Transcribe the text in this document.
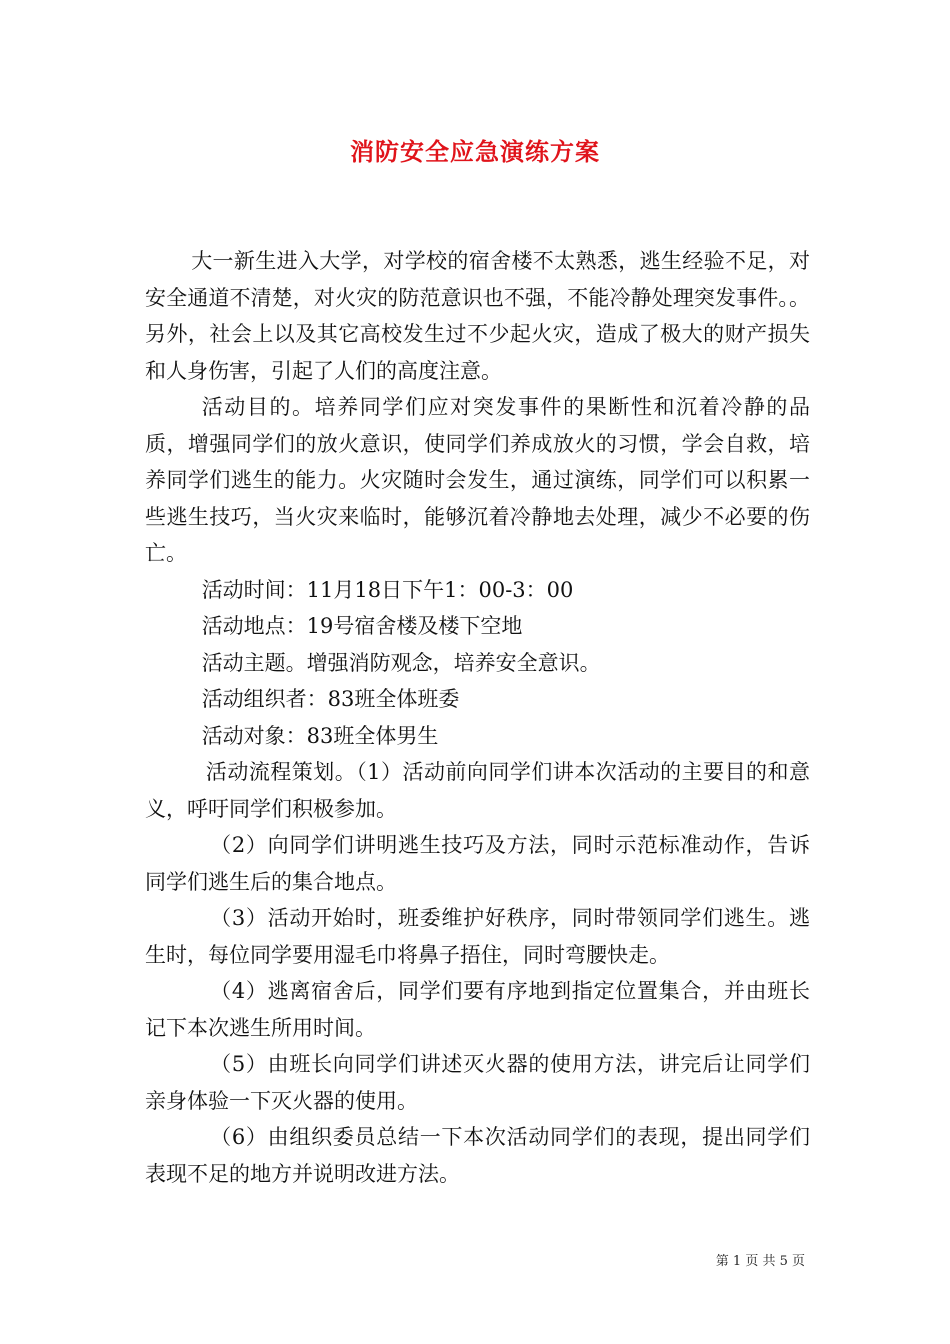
消防安全应急演练方案

大一新生进入大学，对学校的宿舍楼不太熟悉，逃生经验不足，对安全通道不清楚，对火灾的防范意识也不强，不能冷静处理突发事件。。另外，社会上以及其它高校发生过不少起火灾，造成了极大的财产损失和人身伤害，引起了人们的高度注意。

活动目的。培养同学们应对突发事件的果断性和沉着冷静的品质，增强同学们的放火意识，使同学们养成放火的习惯，学会自救，培养同学们逃生的能力。火灾随时会发生，通过演练，同学们可以积累一些逃生技巧，当火灾来临时，能够沉着冷静地去处理，减少不必要的伤亡。

活动时间：11月18日下午1：00-3：00

活动地点：19号宿舍楼及楼下空地

活动主题。增强消防观念，培养安全意识。

活动组织者：83班全体班委

活动对象：83班全体男生

活动流程策划。（1）活动前向同学们讲本次活动的主要目的和意义，呼吁同学们积极参加。

（2）向同学们讲明逃生技巧及方法，同时示范标准动作，告诉同学们逃生后的集合地点。

（3）活动开始时，班委维护好秩序，同时带领同学们逃生。逃生时，每位同学要用湿毛巾将鼻子捂住，同时弯腰快走。

（4）逃离宿舍后，同学们要有序地到指定位置集合，并由班长记下本次逃生所用时间。

（5）由班长向同学们讲述灭火器的使用方法，讲完后让同学们亲身体验一下灭火器的使用。

（6）由组织委员总结一下本次活动同学们的表现，提出同学们表现不足的地方并说明改进方法。

第 1 页 共 5 页
